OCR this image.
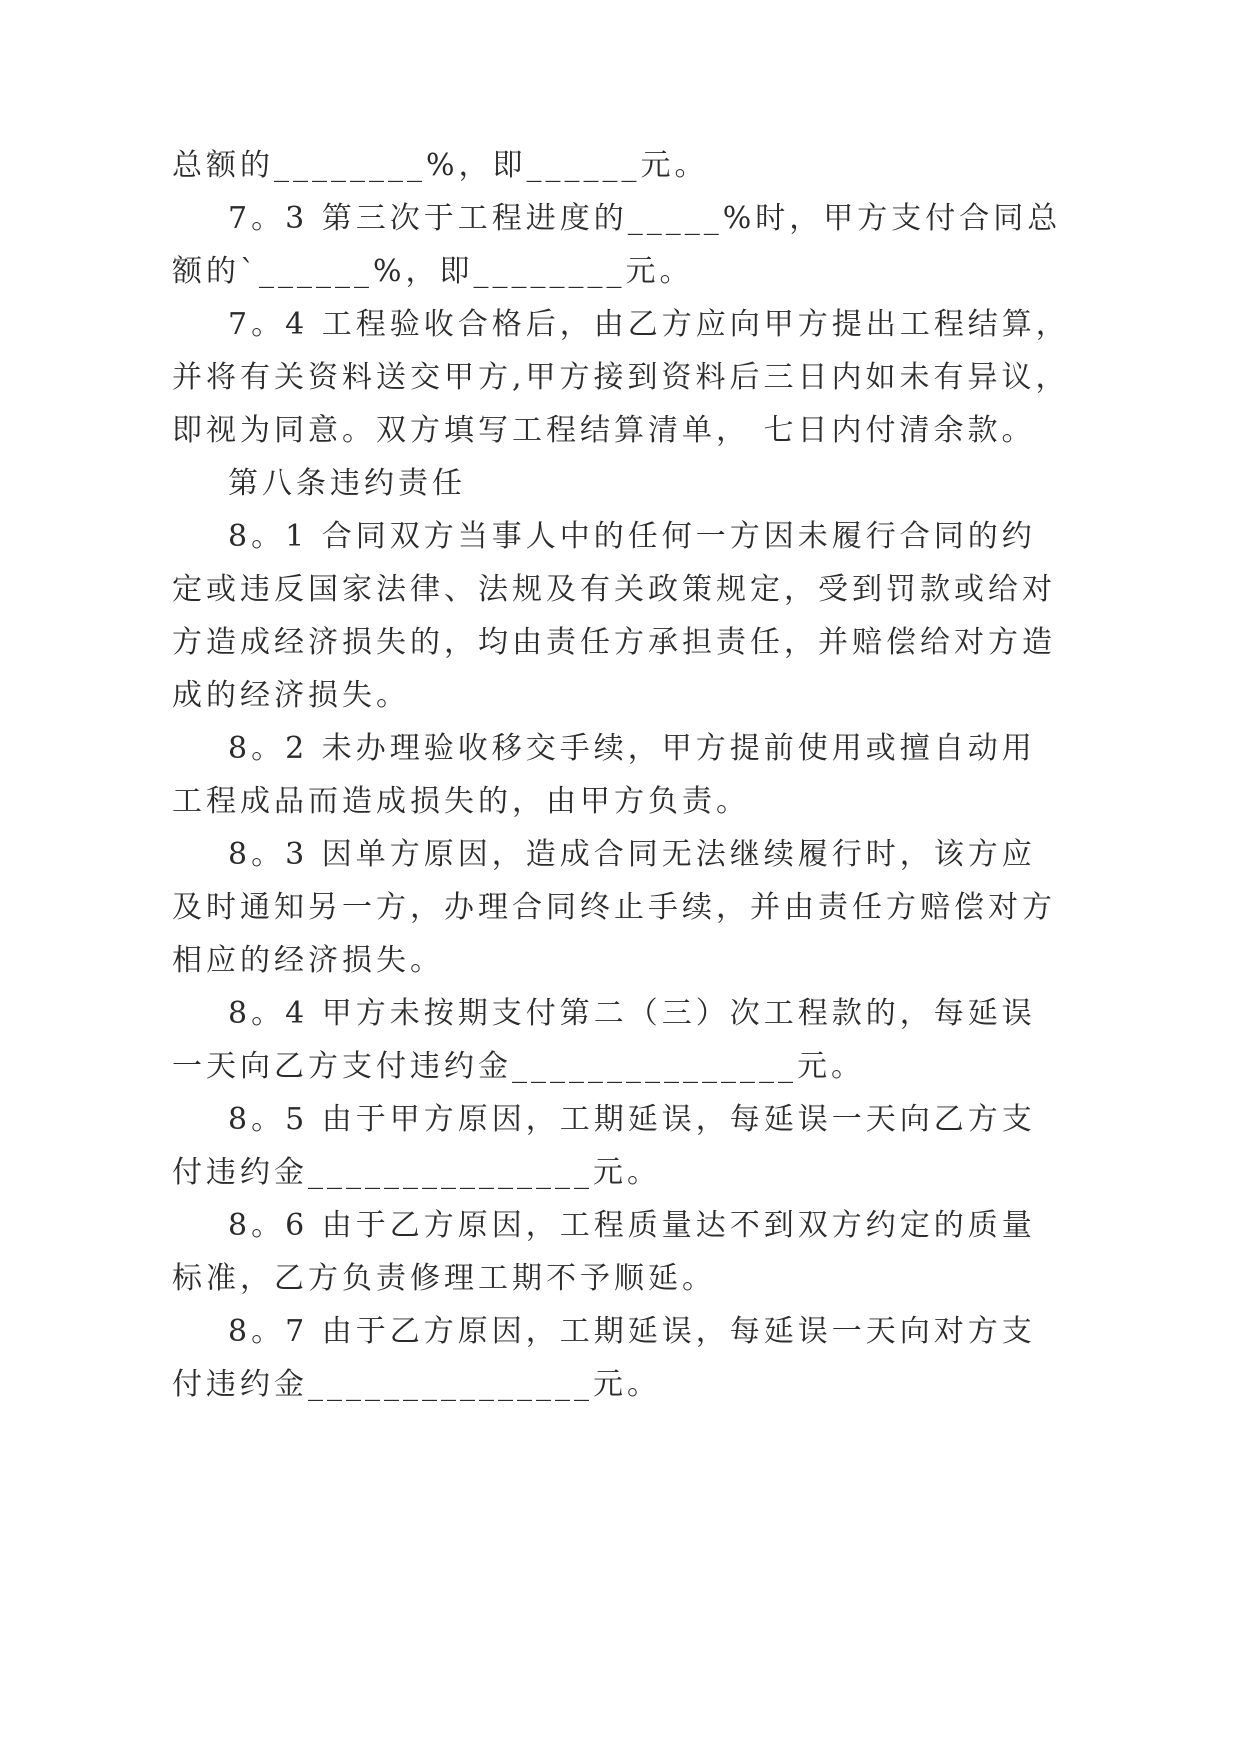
总额的________%，即______元。
7。3 第三次于工程进度的_____%时，甲方支付合同总
额的`______%，即________元。
7。4 工程验收合格后，由乙方应向甲方提出工程结算，
并将有关资料送交甲方,甲方接到资料后三日内如未有异议，
即视为同意。双方填写工程结算清单， 七日内付清余款。
第八条违约责任
8。1 合同双方当事人中的任何一方因未履行合同的约
定或违反国家法律、法规及有关政策规定，受到罚款或给对
方造成经济损失的，均由责任方承担责任，并赔偿给对方造
成的经济损失。
8。2 未办理验收移交手续，甲方提前使用或擅自动用
工程成品而造成损失的，由甲方负责。
8。3 因单方原因，造成合同无法继续履行时，该方应
及时通知另一方，办理合同终止手续，并由责任方赔偿对方
相应的经济损失。
8。4 甲方未按期支付第二（三）次工程款的，每延误
一天向乙方支付违约金_______________元。
8。5 由于甲方原因，工期延误，每延误一天向乙方支
付违约金_______________元。
8。6 由于乙方原因，工程质量达不到双方约定的质量
标准，乙方负责修理工期不予顺延。
8。7 由于乙方原因，工期延误，每延误一天向对方支
付违约金_______________元。
